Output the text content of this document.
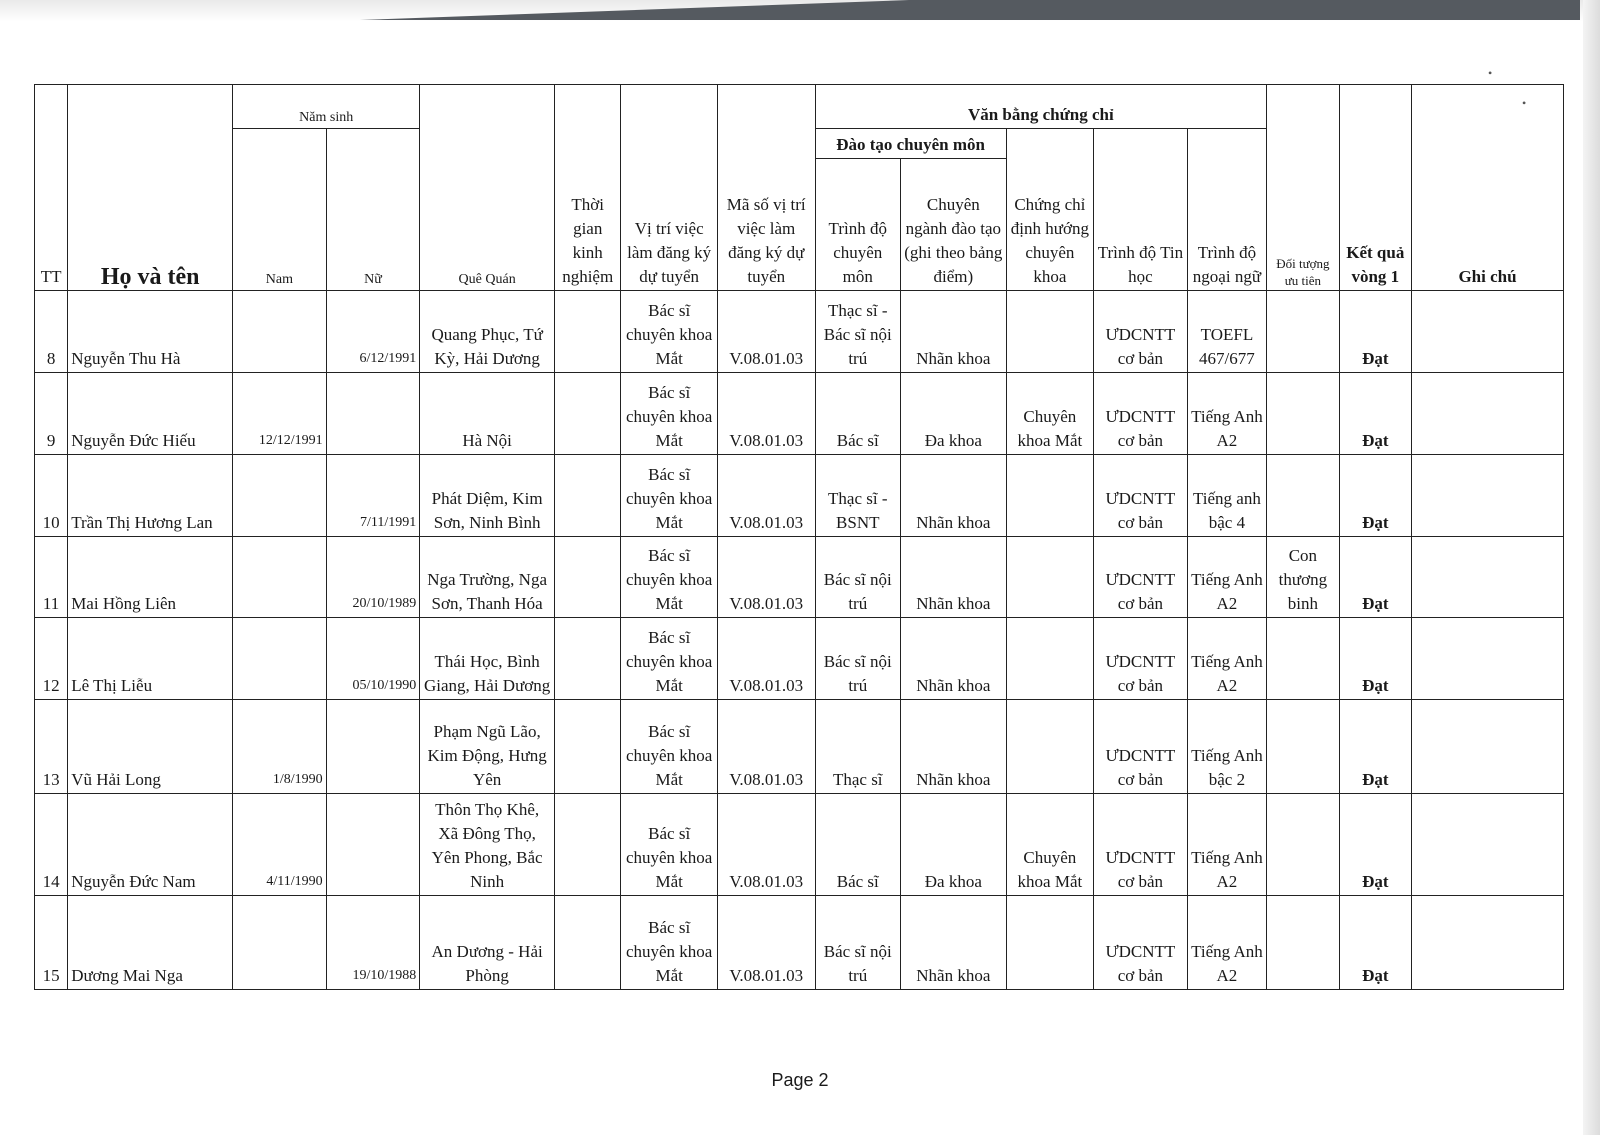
•
•
TT	Họ và tên	Năm sinh		Quê Quán	Thời gian kinh nghiệm	Vị trí việc làm đăng ký dự tuyển	Mã số vị trí việc làm đăng ký dự tuyển	Văn bằng chứng chỉ					Đối tượng ưu tiên	Kết quả vòng 1	Ghi chú
		Nam	Nữ					Đào tạo chuyên môn		Chứng chỉ định hướng chuyên khoa	Trình độ Tin học	Trình độ ngoại ngữ			
								Trình độ chuyên môn	Chuyên ngành đào tạo (ghi theo bảng điểm)						
8	Nguyễn Thu Hà		6/12/1991	Quang Phục, Tứ Kỳ, Hải Dương		Bác sĩ chuyên khoa Mắt	V.08.01.03	Thạc sĩ - Bác sĩ nội trú	Nhãn khoa		ƯDCNTT cơ bản	TOEFL 467/677		Đạt	
9	Nguyễn Đức Hiếu	12/12/1991		Hà Nội		Bác sĩ chuyên khoa Mắt	V.08.01.03	Bác sĩ	Đa khoa	Chuyên khoa Mắt	ƯDCNTT cơ bản	Tiếng Anh A2		Đạt	
10	Trần Thị Hương Lan		7/11/1991	Phát Diệm, Kim Sơn, Ninh Bình		Bác sĩ chuyên khoa Mắt	V.08.01.03	Thạc sĩ - BSNT	Nhãn khoa		ƯDCNTT cơ bản	Tiếng anh bậc 4		Đạt	
11	Mai Hồng Liên		20/10/1989	Nga Trường, Nga Sơn, Thanh Hóa		Bác sĩ chuyên khoa Mắt	V.08.01.03	Bác sĩ nội trú	Nhãn khoa		ƯDCNTT cơ bản	Tiếng Anh A2	Con thương binh	Đạt	
12	Lê Thị Liễu		05/10/1990	Thái Học, Bình Giang, Hải Dương		Bác sĩ chuyên khoa Mắt	V.08.01.03	Bác sĩ nội trú	Nhãn khoa		ƯDCNTT cơ bản	Tiếng Anh A2		Đạt	
13	Vũ Hải Long	1/8/1990		Phạm Ngũ Lão, Kim Động, Hưng Yên		Bác sĩ chuyên khoa Mắt	V.08.01.03	Thạc sĩ	Nhãn khoa		ƯDCNTT cơ bản	Tiếng Anh bậc 2		Đạt	
14	Nguyễn Đức Nam	4/11/1990		Thôn Thọ Khê, Xã Đông Thọ, Yên Phong, Bắc Ninh		Bác sĩ chuyên khoa Mắt	V.08.01.03	Bác sĩ	Đa khoa	Chuyên khoa Mắt	ƯDCNTT cơ bản	Tiếng Anh A2		Đạt	
15	Dương Mai Nga		19/10/1988	An Dương - Hải Phòng		Bác sĩ chuyên khoa Mắt	V.08.01.03	Bác sĩ nội trú	Nhãn khoa		ƯDCNTT cơ bản	Tiếng Anh A2		Đạt	
Page 2
